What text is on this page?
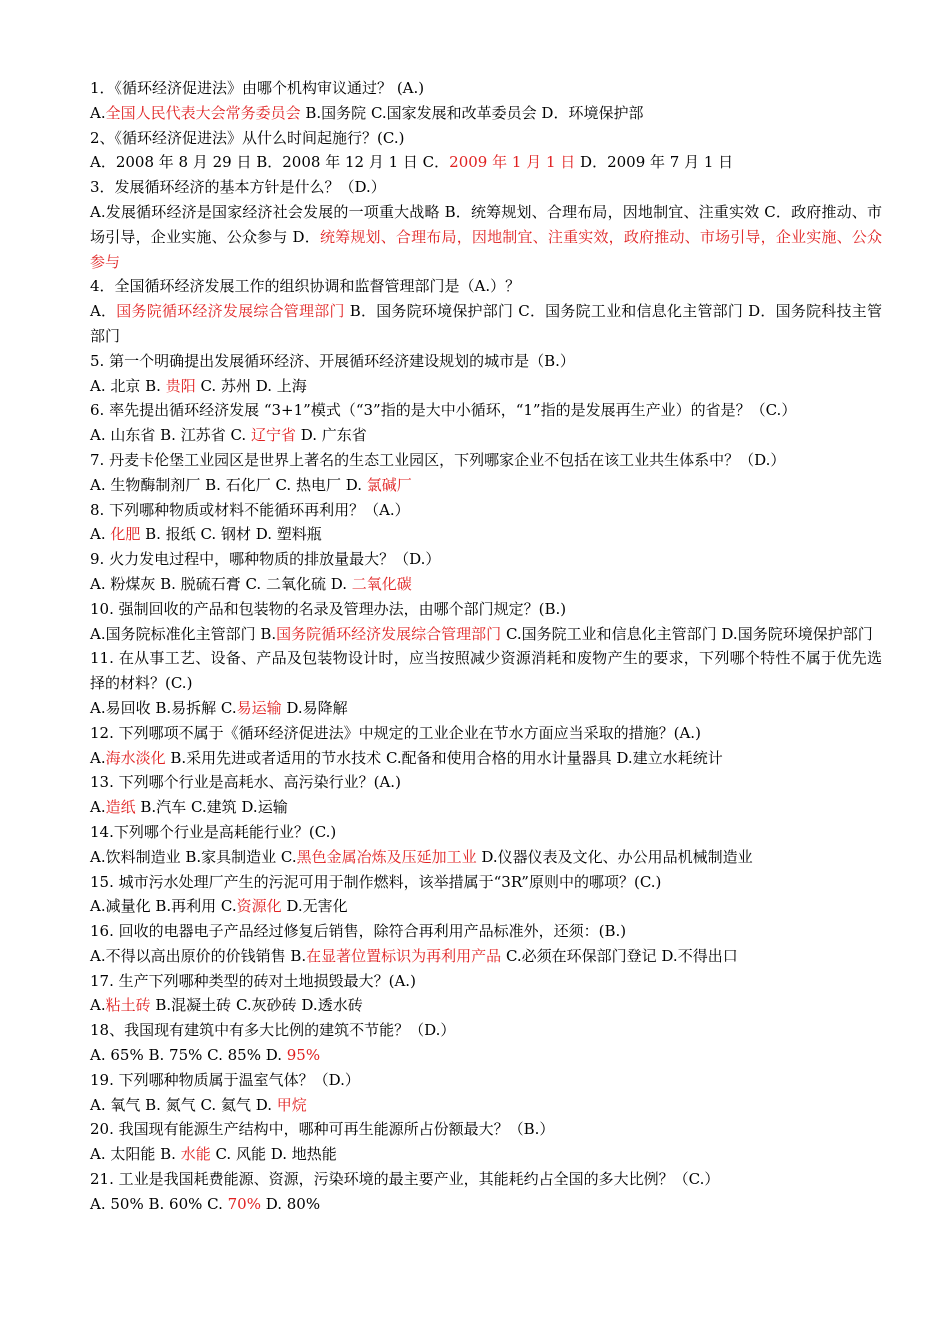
1．《循环经济促进法》由哪个机构审议通过？ (A.)

A.全国人民代表大会常务委员会 B.国务院 C.国家发展和改革委员会 D．环境保护部

2、《循环经济促进法》从什么时间起施行？(C.)

A．2008 年 8 月 29 日 B．2008 年 12 月 1 日 C．2009 年 1 月 1 日 D．2009 年 7 月 1 日

3．发展循环经济的基本方针是什么？（D.）

A.发展循环经济是国家经济社会发展的一项重大战略 B．统筹规划、合理布局，因地制宜、注重实效 C．政府推动、市场引导，企业实施、公众参与 D．统筹规划、合理布局，因地制宜、注重实效，政府推动、市场引导，企业实施、公众参与

4．全国循环经济发展工作的组织协调和监督管理部门是（A.）？

A．国务院循环经济发展综合管理部门 B．国务院环境保护部门 C．国务院工业和信息化主管部门 D．国务院科技主管部门

5. 第一个明确提出发展循环经济、开展循环经济建设规划的城市是（B.）

A. 北京 B. 贵阳 C. 苏州 D. 上海

6. 率先提出循环经济发展 “3+1”模式（“3”指的是大中小循环，“1”指的是发展再生产业）的省是？（C.）

A. 山东省 B. 江苏省 C. 辽宁省 D. 广东省

7. 丹麦卡伦堡工业园区是世界上著名的生态工业园区，下列哪家企业不包括在该工业共生体系中？（D.）

A. 生物酶制剂厂 B. 石化厂 C. 热电厂 D. 氯碱厂

8. 下列哪种物质或材料不能循环再利用？（A.）

A. 化肥 B. 报纸 C. 钢材 D. 塑料瓶

9. 火力发电过程中，哪种物质的排放量最大？（D.）

A. 粉煤灰 B. 脱硫石膏 C. 二氧化硫 D. 二氧化碳

10. 强制回收的产品和包装物的名录及管理办法，由哪个部门规定？(B.)

A.国务院标准化主管部门 B.国务院循环经济发展综合管理部门 C.国务院工业和信息化主管部门 D.国务院环境保护部门

11. 在从事工艺、设备、产品及包装物设计时，应当按照减少资源消耗和废物产生的要求，下列哪个特性不属于优先选择的材料？(C.)

A.易回收 B.易拆解 C.易运输 D.易降解

12. 下列哪项不属于《循环经济促进法》中规定的工业企业在节水方面应当采取的措施？(A.)

A.海水淡化 B.采用先进或者适用的节水技术 C.配备和使用合格的用水计量器具 D.建立水耗统计

13. 下列哪个行业是高耗水、高污染行业？(A.)

A.造纸 B.汽车 C.建筑 D.运输

14.下列哪个行业是高耗能行业？(C.)

A.饮料制造业 B.家具制造业 C.黑色金属冶炼及压延加工业 D.仪器仪表及文化、办公用品机械制造业

15. 城市污水处理厂产生的污泥可用于制作燃料，该举措属于“3R”原则中的哪项？(C.)

A.减量化 B.再利用 C.资源化 D.无害化

16. 回收的电器电子产品经过修复后销售，除符合再利用产品标准外，还须：(B.)

A.不得以高出原价的价钱销售 B.在显著位置标识为再利用产品 C.必须在环保部门登记 D.不得出口

17. 生产下列哪种类型的砖对土地损毁最大？(A.)

A.粘土砖 B.混凝土砖 C.灰砂砖 D.透水砖

18、我国现有建筑中有多大比例的建筑不节能？（D.）

A. 65% B. 75% C. 85% D. 95%

19. 下列哪种物质属于温室气体？（D.）

A. 氧气 B. 氮气 C. 氦气 D. 甲烷

20. 我国现有能源生产结构中，哪种可再生能源所占份额最大？（B.）

A. 太阳能 B. 水能 C. 风能 D. 地热能

21. 工业是我国耗费能源、资源，污染环境的最主要产业，其能耗约占全国的多大比例？（C.）

A. 50% B. 60% C. 70% D. 80%
